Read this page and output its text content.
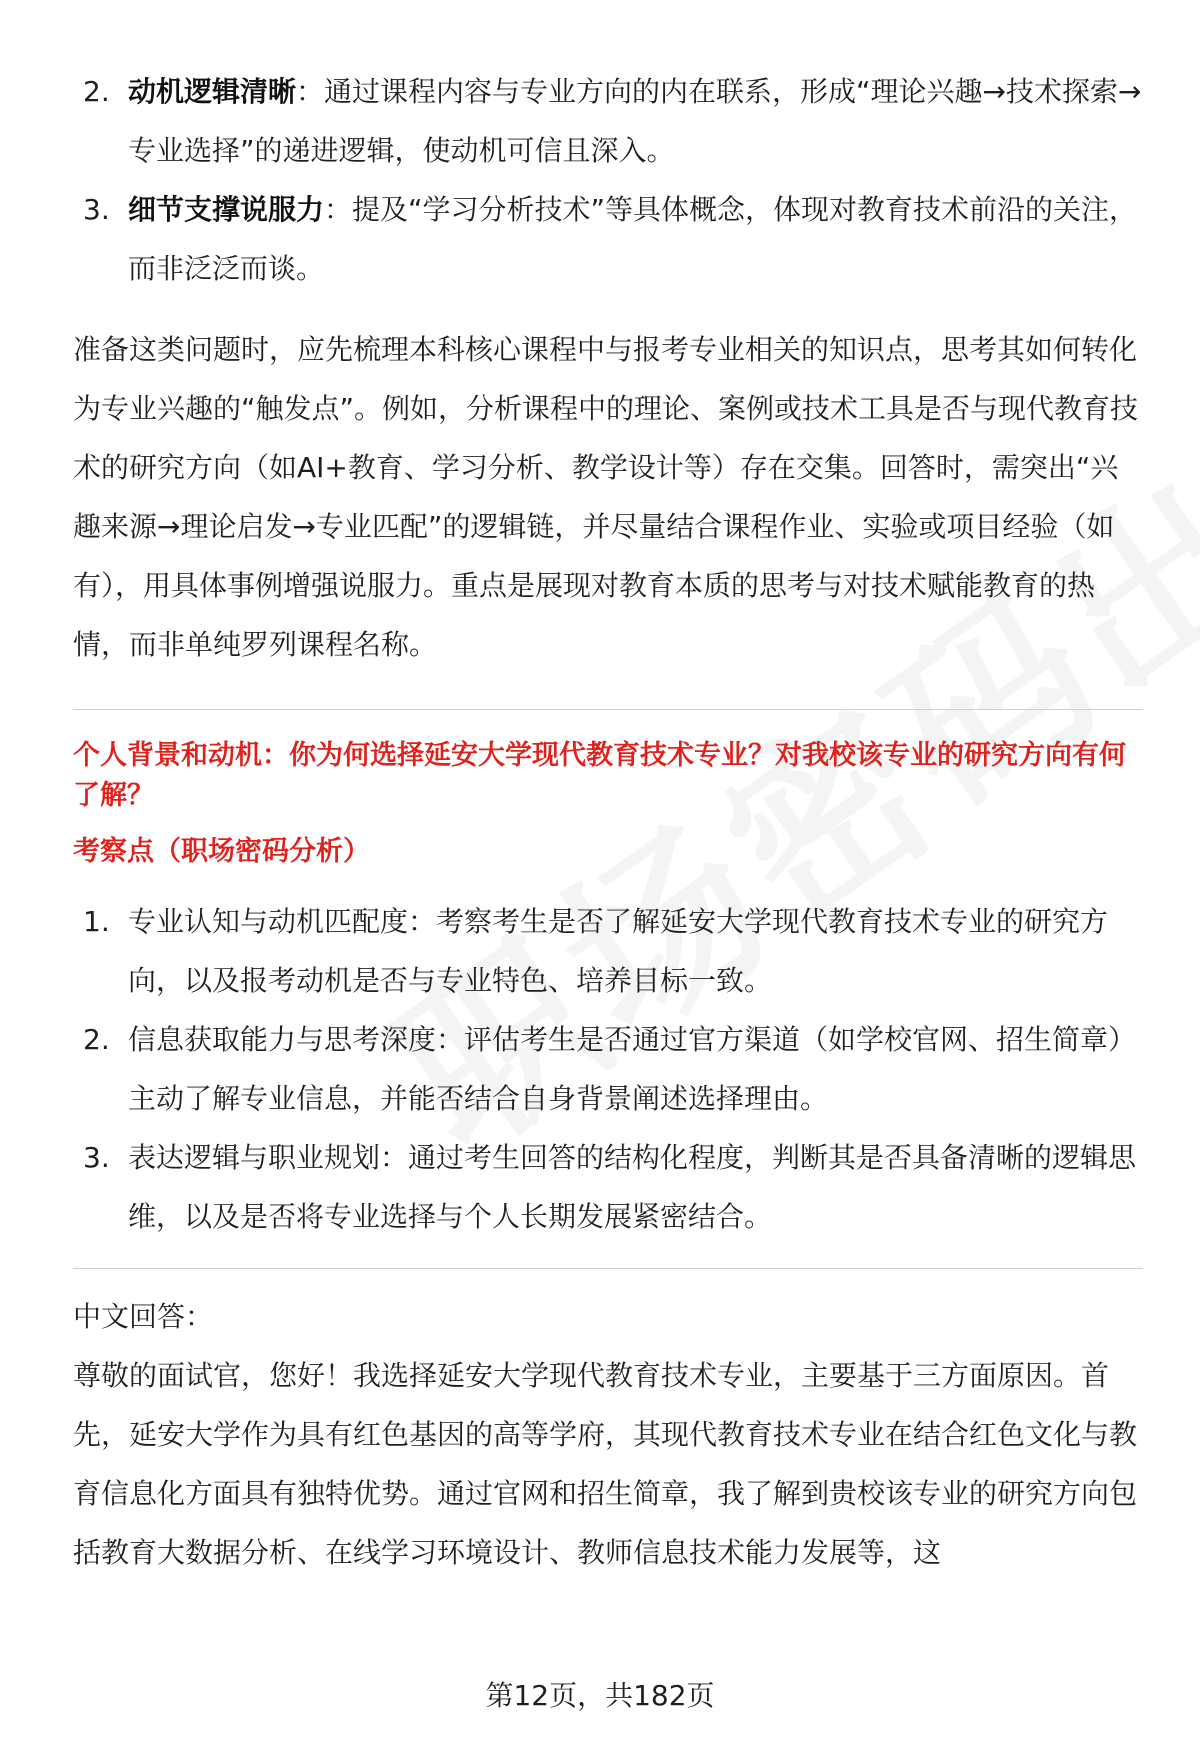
2. 动机逻辑清晰：通过课程内容与专业方向的内在联系，形成“理论兴趣→技术探索→专业选择”的递进逻辑，使动机可信且深入。
3. 细节支撑说服力：提及“学习分析技术”等具体概念，体现对教育技术前沿的关注，而非泛泛而谈。

准备这类问题时，应先梳理本科核心课程中与报考专业相关的知识点，思考其如何转化为专业兴趣的“触发点”。例如，分析课程中的理论、案例或技术工具是否与现代教育技术的研究方向（如AI+教育、学习分析、教学设计等）存在交集。回答时，需突出“兴趣来源→理论启发→专业匹配”的逻辑链，并尽量结合课程作业、实验或项目经验（如有），用具体事例增强说服力。重点是展现对教育本质的思考与对技术赋能教育的热情，而非单纯罗列课程名称。

个人背景和动机：你为何选择延安大学现代教育技术专业？对我校该专业的研究方向有何了解？

考察点（职场密码分析）

1. 专业认知与动机匹配度：考察考生是否了解延安大学现代教育技术专业的研究方向，以及报考动机是否与专业特色、培养目标一致。
2. 信息获取能力与思考深度：评估考生是否通过官方渠道（如学校官网、招生简章）主动了解专业信息，并能否结合自身背景阐述选择理由。
3. 表达逻辑与职业规划：通过考生回答的结构化程度，判断其是否具备清晰的逻辑思维，以及是否将专业选择与个人长期发展紧密结合。

中文回答：

尊敬的面试官，您好！我选择延安大学现代教育技术专业，主要基于三方面原因。首先，延安大学作为具有红色基因的高等学府，其现代教育技术专业在结合红色文化与教育信息化方面具有独特优势。通过官网和招生简章，我了解到贵校该专业的研究方向包括教育大数据分析、在线学习环境设计、教师信息技术能力发展等，这

第12页，共182页
